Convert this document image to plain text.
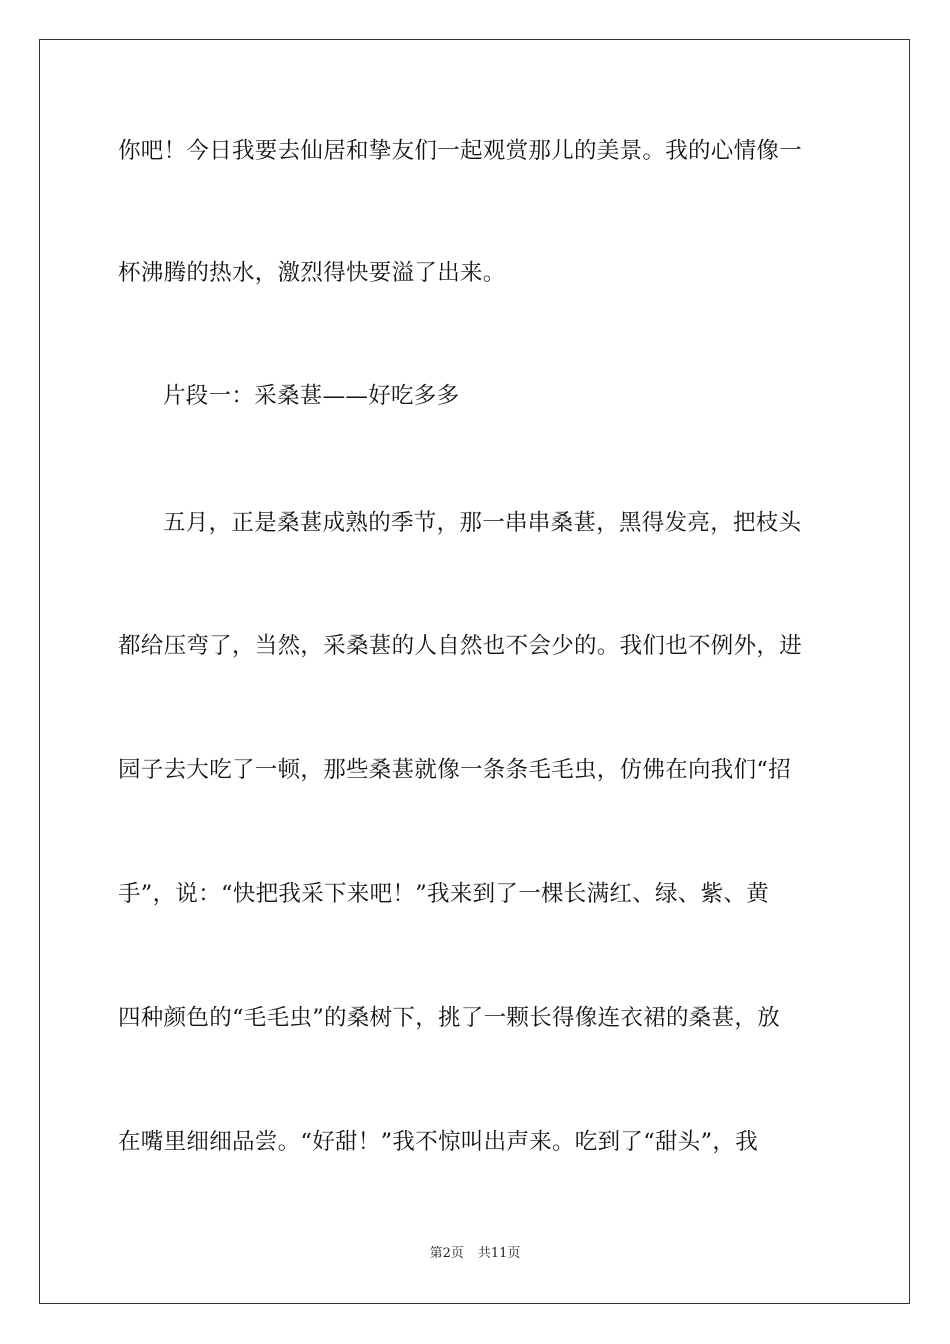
你吧！今日我要去仙居和挚友们一起观赏那儿的美景。我的心情像一
杯沸腾的热水，激烈得快要溢了出来。
片段一：采桑葚——好吃多多
五月，正是桑葚成熟的季节，那一串串桑葚，黑得发亮，把枝头
都给压弯了，当然，采桑葚的人自然也不会少的。我们也不例外，进
园子去大吃了一顿，那些桑葚就像一条条毛毛虫，仿佛在向我们“招
手”，说：“快把我采下来吧！”我来到了一棵长满红、绿、紫、黄
四种颜色的“毛毛虫”的桑树下，挑了一颗长得像连衣裙的桑葚，放
在嘴里细细品尝。“好甜！”我不惊叫出声来。吃到了“甜头”，我
第2页 共11页
